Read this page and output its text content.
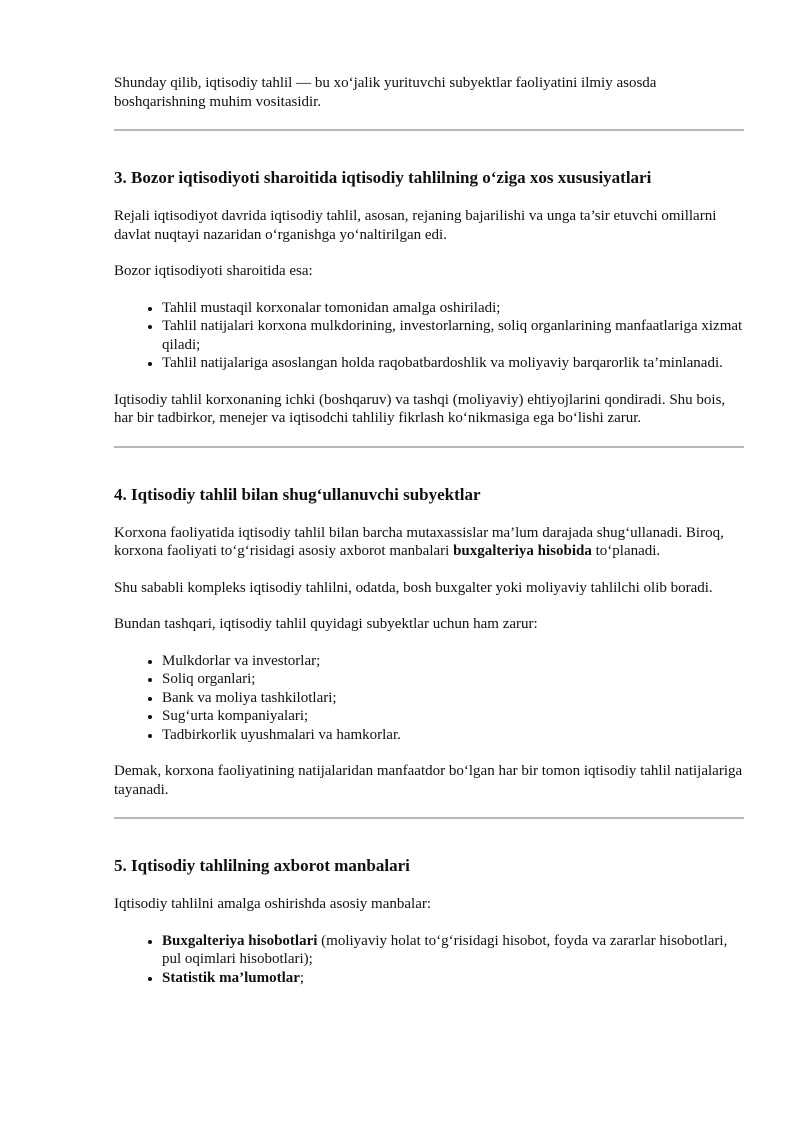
Shunday qilib, iqtisodiy tahlil — bu xo‘jalik yurituvchi subyektlar faoliyatini ilmiy asosda boshqarishning muhim vositasidir.

3. Bozor iqtisodiyoti sharoitida iqtisodiy tahlilning o‘ziga xos xususiyatlari

Rejali iqtisodiyot davrida iqtisodiy tahlil, asosan, rejaning bajarilishi va unga ta’sir etuvchi omillarni davlat nuqtayi nazaridan o‘rganishga yo‘naltirilgan edi.

Bozor iqtisodiyoti sharoitida esa:

• Tahlil mustaqil korxonalar tomonidan amalga oshiriladi;
• Tahlil natijalari korxona mulkdorining, investorlarning, soliq organlarining manfaatlariga xizmat qiladi;
• Tahlil natijalariga asoslangan holda raqobatbardoshlik va moliyaviy barqarorlik ta’minlanadi.

Iqtisodiy tahlil korxonaning ichki (boshqaruv) va tashqi (moliyaviy) ehtiyojlarini qondiradi. Shu bois, har bir tadbirkor, menejer va iqtisodchi tahliliy fikrlash ko‘nikmasiga ega bo‘lishi zarur.

4. Iqtisodiy tahlil bilan shug‘ullanuvchi subyektlar

Korxona faoliyatida iqtisodiy tahlil bilan barcha mutaxassislar ma’lum darajada shug‘ullanadi. Biroq, korxona faoliyati to‘g‘risidagi asosiy axborot manbalari buxgalteriya hisobida to‘planadi.

Shu sababli kompleks iqtisodiy tahlilni, odatda, bosh buxgalter yoki moliyaviy tahlilchi olib boradi.

Bundan tashqari, iqtisodiy tahlil quyidagi subyektlar uchun ham zarur:

• Mulkdorlar va investorlar;
• Soliq organlari;
• Bank va moliya tashkilotlari;
• Sug‘urta kompaniyalari;
• Tadbirkorlik uyushmalari va hamkorlar.

Demak, korxona faoliyatining natijalaridan manfaatdor bo‘lgan har bir tomon iqtisodiy tahlil natijalariga tayanadi.

5. Iqtisodiy tahlilning axborot manbalari

Iqtisodiy tahlilni amalga oshirishda asosiy manbalar:

• Buxgalteriya hisobotlari (moliyaviy holat to‘g‘risidagi hisobot, foyda va zararlar hisobotlari, pul oqimlari hisobotlari);
• Statistik ma’lumotlar;
